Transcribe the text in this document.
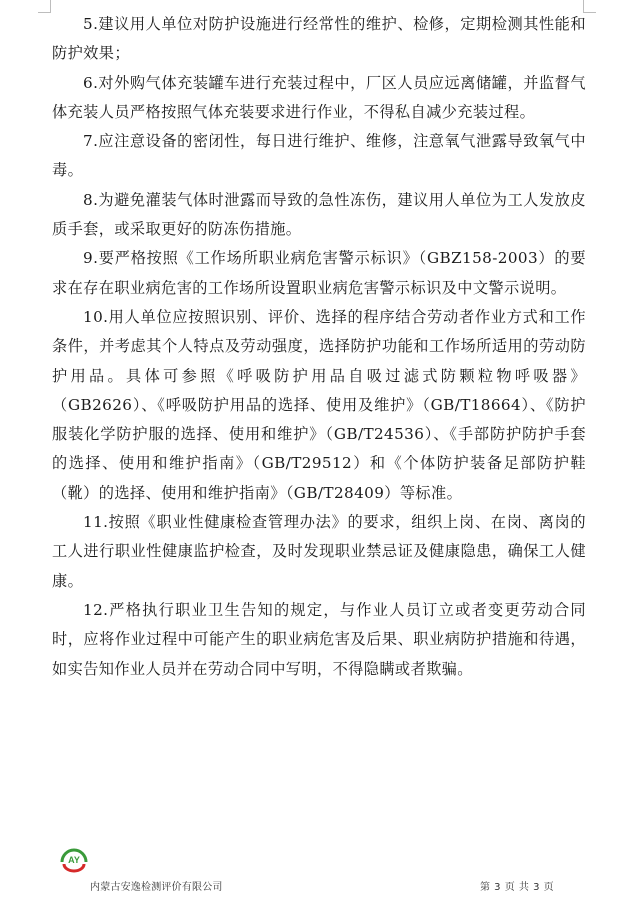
5.建议用人单位对防护设施进行经常性的维护、检修，定期检测其性能和防护效果；

6.对外购气体充装罐车进行充装过程中，厂区人员应远离储罐，并监督气体充装人员严格按照气体充装要求进行作业，不得私自减少充装过程。

7.应注意设备的密闭性，每日进行维护、维修，注意氧气泄露导致氧气中毒。

8.为避免灌装气体时泄露而导致的急性冻伤，建议用人单位为工人发放皮质手套，或采取更好的防冻伤措施。

9.要严格按照《工作场所职业病危害警示标识》（GBZ158-2003）的要求在存在职业病危害的工作场所设置职业病危害警示标识及中文警示说明。

10.用人单位应按照识别、评价、选择的程序结合劳动者作业方式和工作条件，并考虑其个人特点及劳动强度，选择防护功能和工作场所适用的劳动防护用品。具体可参照《呼吸防护用品自吸过滤式防颗粒物呼吸器》（GB2626）、《呼吸防护用品的选择、使用及维护》（GB/T18664）、《防护服装化学防护服的选择、使用和维护》（GB/T24536）、《手部防护防护手套的选择、使用和维护指南》（GB/T29512）和《个体防护装备足部防护鞋（靴）的选择、使用和维护指南》（GB/T28409）等标准。

11.按照《职业性健康检查管理办法》的要求，组织上岗、在岗、离岗的工人进行职业性健康监护检查，及时发现职业禁忌证及健康隐患，确保工人健康。

12.严格执行职业卫生告知的规定，与作业人员订立或者变更劳动合同时，应将作业过程中可能产生的职业病危害及后果、职业病防护措施和待遇，如实告知作业人员并在劳动合同中写明，不得隐瞒或者欺骗。

AY
内蒙古安逸检测评价有限公司	第 3 页 共 3 页
